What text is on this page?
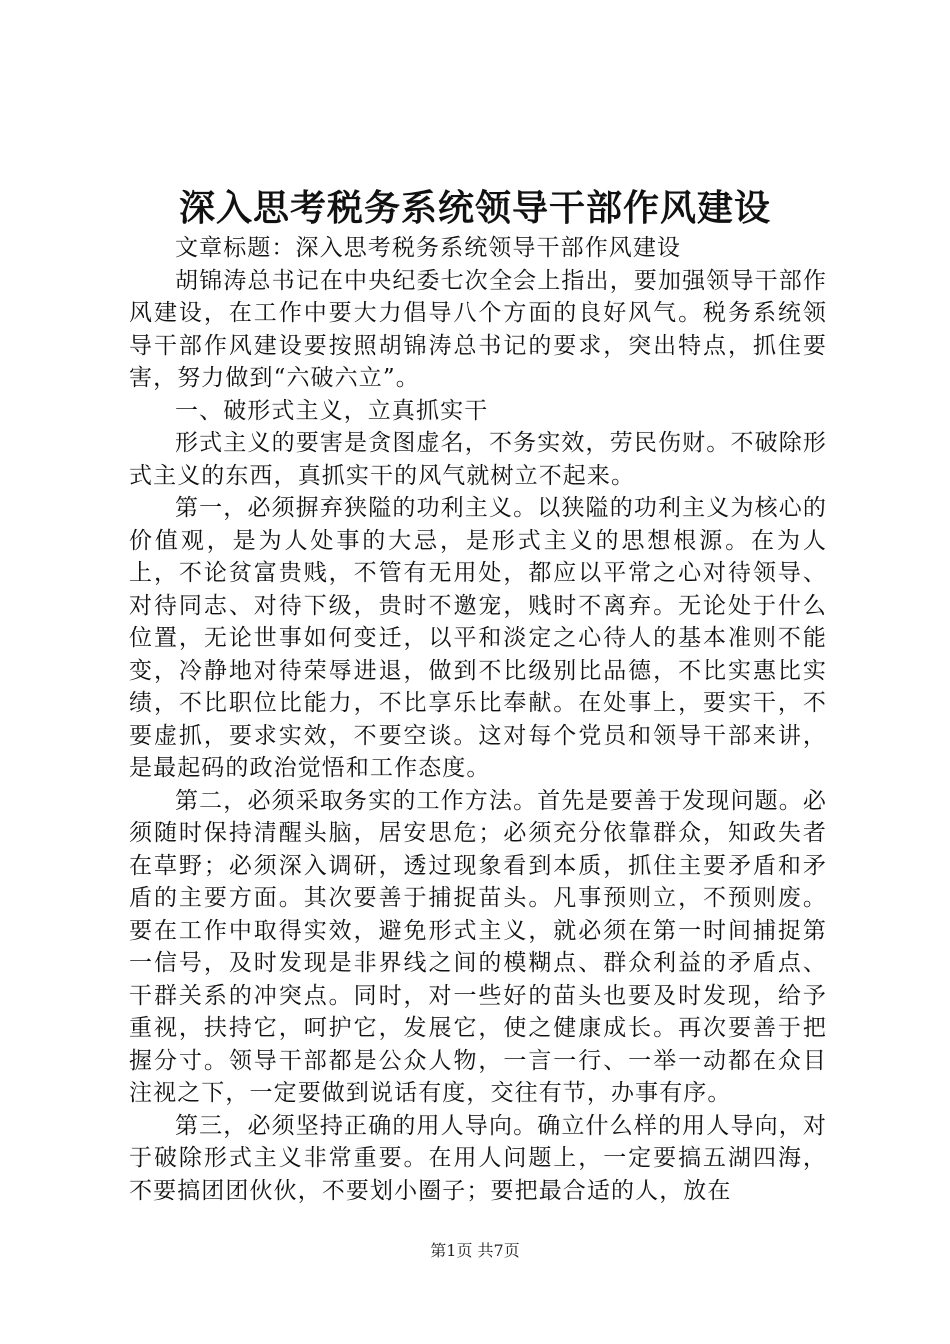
深入思考税务系统领导干部作风建设

文章标题：深入思考税务系统领导干部作风建设

胡锦涛总书记在中央纪委七次全会上指出，要加强领导干部作风建设，在工作中要大力倡导八个方面的良好风气。税务系统领导干部作风建设要按照胡锦涛总书记的要求，突出特点，抓住要害，努力做到“六破六立”。

一、破形式主义，立真抓实干

形式主义的要害是贪图虚名，不务实效，劳民伤财。不破除形式主义的东西，真抓实干的风气就树立不起来。

第一，必须摒弃狭隘的功利主义。以狭隘的功利主义为核心的价值观，是为人处事的大忌，是形式主义的思想根源。在为人上，不论贫富贵贱，不管有无用处，都应以平常之心对待领导、对待同志、对待下级，贵时不邀宠，贱时不离弃。无论处于什么位置，无论世事如何变迁，以平和淡定之心待人的基本准则不能变，冷静地对待荣辱进退，做到不比级别比品德，不比实惠比实绩，不比职位比能力，不比享乐比奉献。在处事上，要实干，不要虚抓，要求实效，不要空谈。这对每个党员和领导干部来讲，是最起码的政治觉悟和工作态度。

第二，必须采取务实的工作方法。首先是要善于发现问题。必须随时保持清醒头脑，居安思危；必须充分依靠群众，知政失者在草野；必须深入调研，透过现象看到本质，抓住主要矛盾和矛盾的主要方面。其次要善于捕捉苗头。凡事预则立，不预则废。要在工作中取得实效，避免形式主义，就必须在第一时间捕捉第一信号，及时发现是非界线之间的模糊点、群众利益的矛盾点、干群关系的冲突点。同时，对一些好的苗头也要及时发现，给予重视，扶持它，呵护它，发展它，使之健康成长。再次要善于把握分寸。领导干部都是公众人物，一言一行、一举一动都在众目注视之下，一定要做到说话有度，交往有节，办事有序。

第三，必须坚持正确的用人导向。确立什么样的用人导向，对于破除形式主义非常重要。在用人问题上，一定要搞五湖四海，不要搞团团伙伙，不要划小圈子；要把最合适的人，放在

第1页 共7页
